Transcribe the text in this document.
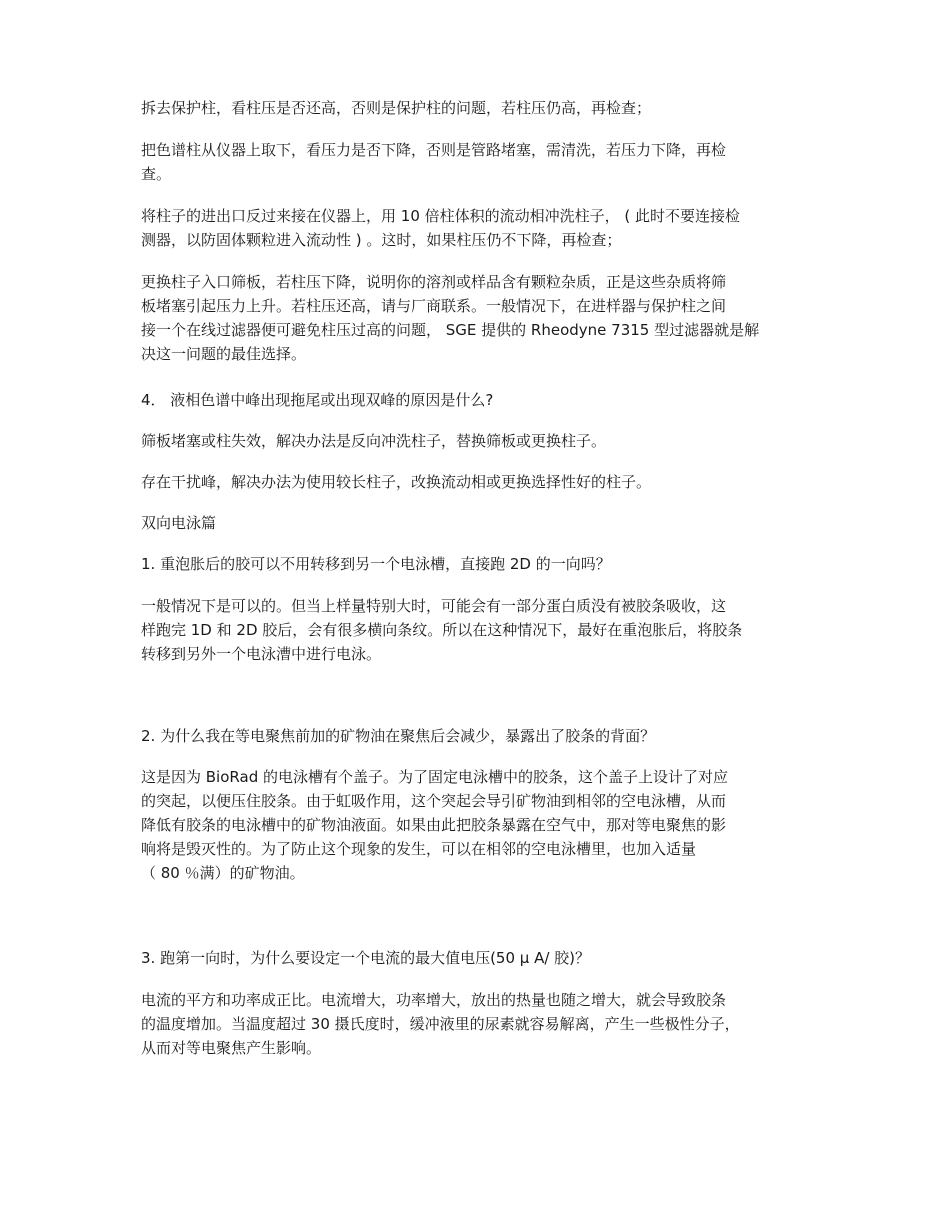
拆去保护柱，看柱压是否还高，否则是保护柱的问题，若柱压仍高，再检查；
把色谱柱从仪器上取下，看压力是否下降，否则是管路堵塞，需清洗，若压力下降，再检
查。
将柱子的进出口反过来接在仪器上，用 10 倍柱体积的流动相冲洗柱子， ( 此时不要连接检
测器，以防固体颗粒进入流动性 ) 。这时，如果柱压仍不下降，再检查；
更换柱子入口筛板，若柱压下降，说明你的溶剂或样品含有颗粒杂质，正是这些杂质将筛
板堵塞引起压力上升。若柱压还高，请与厂商联系。一般情况下，在进样器与保护柱之间
接一个在线过滤器便可避免柱压过高的问题， SGE 提供的 Rheodyne 7315 型过滤器就是解
决这一问题的最佳选择。
4． 液相色谱中峰出现拖尾或出现双峰的原因是什么?
筛板堵塞或柱失效，解决办法是反向冲洗柱子，替换筛板或更换柱子。
存在干扰峰，解决办法为使用较长柱子，改换流动相或更换选择性好的柱子。
双向电泳篇
1. 重泡胀后的胶可以不用转移到另一个电泳槽，直接跑 2D 的一向吗？
一般情况下是可以的。但当上样量特别大时，可能会有一部分蛋白质没有被胶条吸收，这
样跑完 1D 和 2D 胶后，会有很多横向条纹。所以在这种情况下，最好在重泡胀后，将胶条
转移到另外一个电泳漕中进行电泳。
2. 为什么我在等电聚焦前加的矿物油在聚焦后会减少，暴露出了胶条的背面？
这是因为 BioRad 的电泳槽有个盖子。为了固定电泳槽中的胶条，这个盖子上设计了对应
的突起，以便压住胶条。由于虹吸作用，这个突起会导引矿物油到相邻的空电泳槽，从而
降低有胶条的电泳槽中的矿物油液面。如果由此把胶条暴露在空气中，那对等电聚焦的影
响将是毁灭性的。为了防止这个现象的发生，可以在相邻的空电泳槽里，也加入适量
（ 80 ％满）的矿物油。
3. 跑第一向时，为什么要设定一个电流的最大值电压(50 μ A/ 胶)？
电流的平方和功率成正比。电流增大，功率增大，放出的热量也随之增大，就会导致胶条
的温度增加。当温度超过 30 摄氏度时，缓冲液里的尿素就容易解离，产生一些极性分子，
从而对等电聚焦产生影响。
